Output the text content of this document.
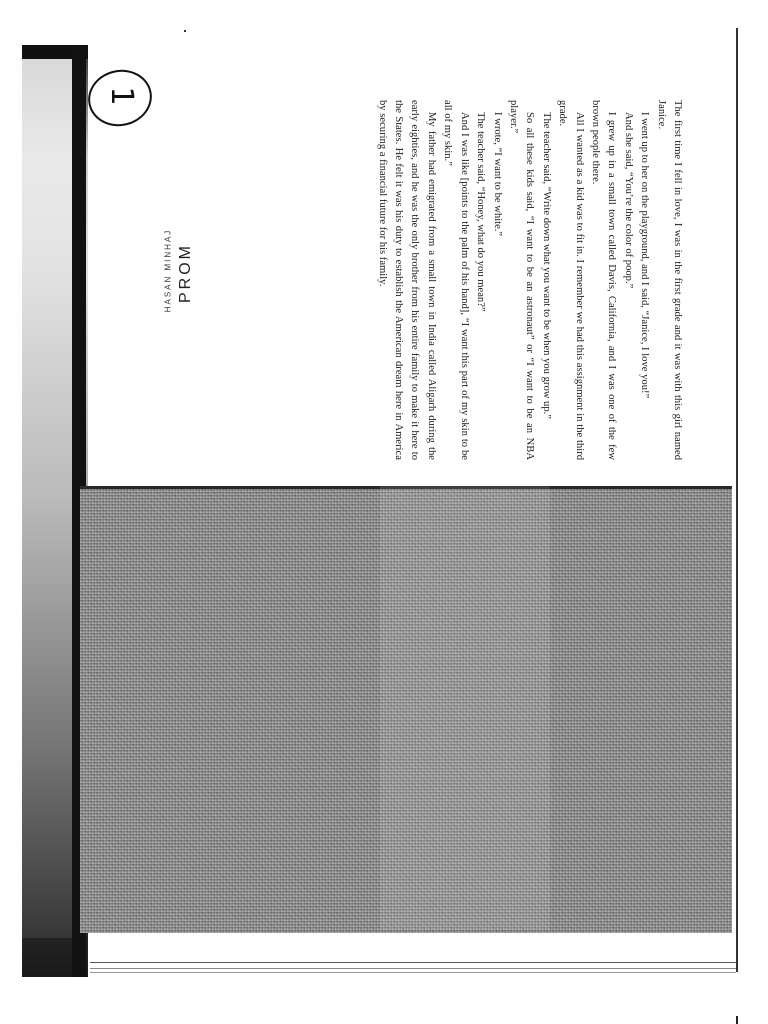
1

The first time I fell in love, I was in the first grade and it was with this girl named Janice.

I went up to her on the playground, and I said, “Janice, I love you!”

And she said, “You’re the color of poop.”

I grew up in a small town called Davis, California, and I was one of the few brown people there.

All I wanted as a kid was to fit in. I remember we had this assignment in the third grade.

The teacher said, “Write down what you want to be when you grow up.”

So all these kids said, “I want to be an astronaut” or “I want to be an NBA player.”

I wrote, “I want to be white.”

The teacher said, “Honey, what do you mean?”

And I was like [points to the palm of his hand], “I want this part of my skin to be all of my skin.”

My father had emigrated from a small town in India called Aligarh during the early eighties, and he was the only brother from his entire family to make it here to the States. He felt it was his duty to establish the American dream here in America by securing a financial future for his family.

HASAN MINHAJ PROM
